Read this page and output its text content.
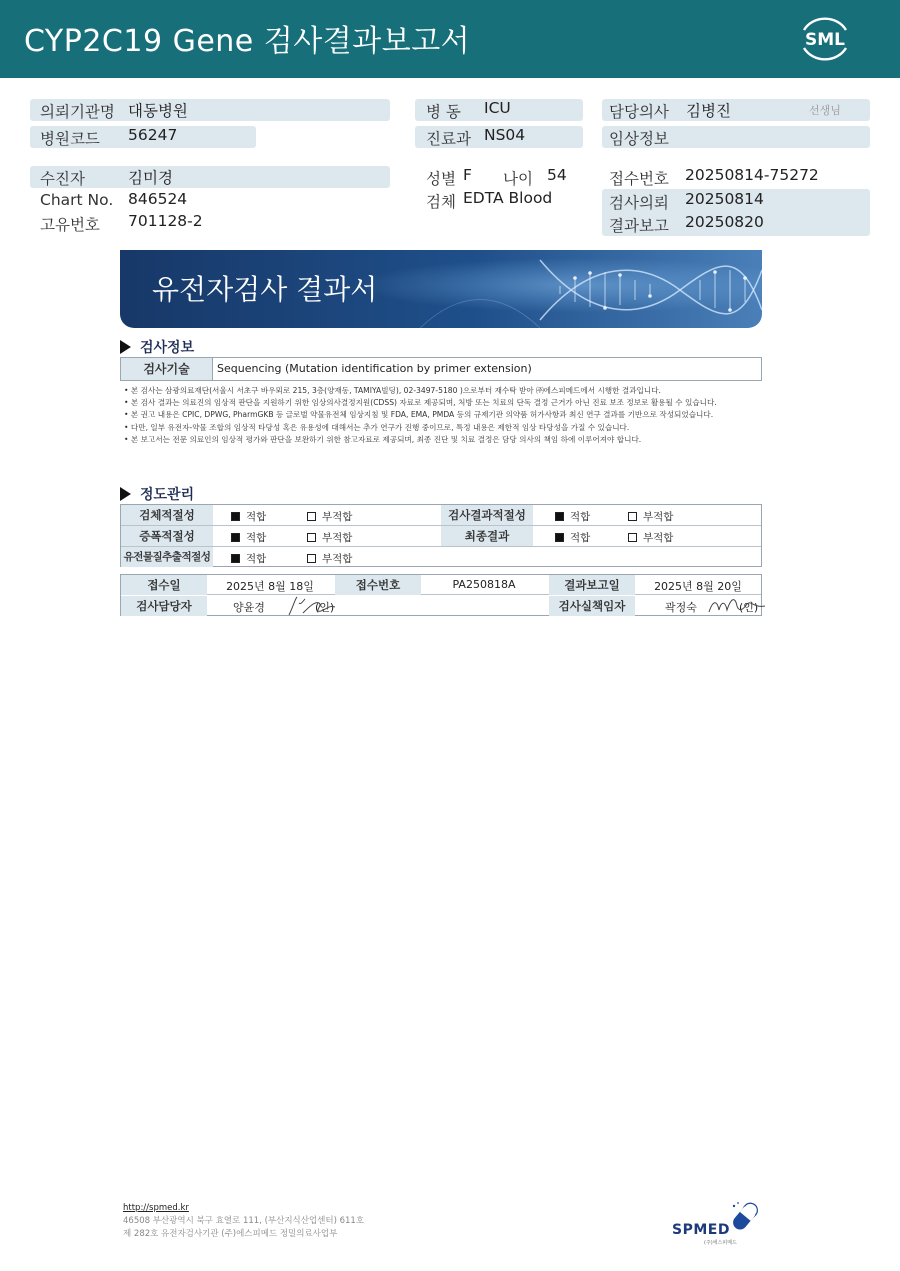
CYP2C19 Gene 검사결과보고서	SML
의뢰기관명 대동병원
병원코드 56247
병 동 ICU
진료과 NS04
담당의사 김병진	선생님
임상정보
수진자	김미경
Chart No. 846524
고유번호 701128-2
성별 F 나이 54
검체 EDTA Blood
접수번호 20250814-75272
검사의뢰 20250814
결과보고 20250820
유전자검사 결과서
검사정보
검사기술	Sequencing (Mutation identification by primer extension)

• 본 검사는 삼광의료재단(서울시 서초구 바우뫼로 215, 3층(양재동, TAMIYA빌딩), 02-3497-5180 )으로부터 재수탁 받아 ㈜에스피메드에서 시행한 결과입니다.

• 본 검사 결과는 의료진의 임상적 판단을 지원하기 위한 임상의사결정지원(CDSS) 자료로 제공되며, 처방 또는 치료의 단독 결정 근거가 아닌 진료 보조 정보로 활용될 수 있습니다.

• 본 권고 내용은 CPIC, DPWG, PharmGKB 등 글로벌 약물유전체 임상지침 및 FDA, EMA, PMDA 등의 규제기관 의약품 허가사항과 최신 연구 결과를 기반으로 작성되었습니다.

• 다만, 일부 유전자-약물 조합의 임상적 타당성 혹은 유용성에 대해서는 추가 연구가 진행 중이므로, 특정 내용은 제한적 임상 타당성을 가질 수 있습니다.

• 본 보고서는 전문 의료인의 임상적 평가와 판단을 보완하기 위한 참고자료로 제공되며, 최종 진단 및 치료 결정은 담당 의사의 책임 하에 이루어져야 합니다.

정도관리
검체적절성	적합	부적합	검사결과적절성	적합	부적합
증폭적절성	적합	부적합	최종결과	적합	부적합
유전물질추출적절성	적합	부적합
접수일	2025년 8월 18일	접수번호	PA250818A	결과보고일	2025년 8월 20일
검사담당자	양윤경	(인)	검사실책임자	곽정숙	(인)
http://spmed.kr
46508 부산광역시 북구 효열로 111, (부산지식산업센터) 611호
제 282호 유전자검사기관 (주)에스피메드 정밀의료사업부	SPMED
(주)에스피메드
